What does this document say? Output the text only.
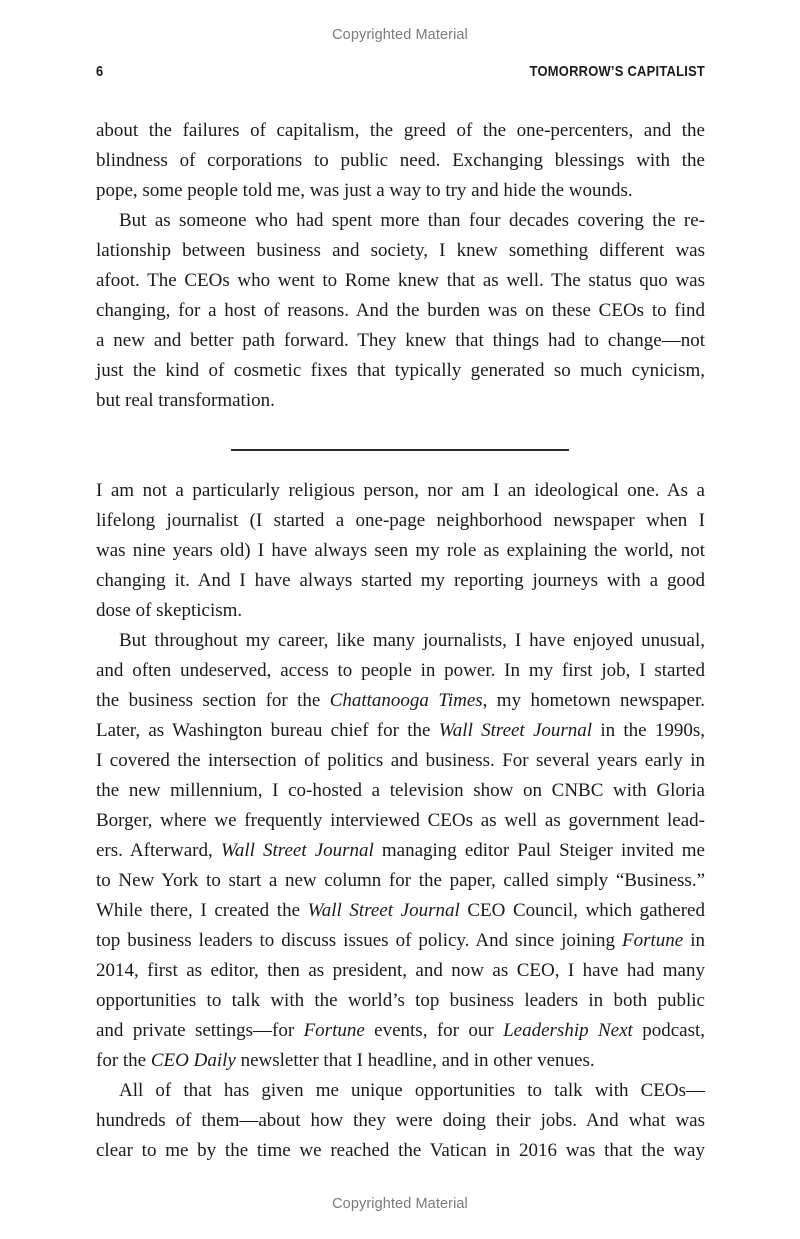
Copyrighted Material
6	TOMORROW’S CAPITALIST
about the failures of capitalism, the greed of the one-percenters, and the
blindness of corporations to public need. Exchanging blessings with the
pope, some people told me, was just a way to try and hide the wounds.
But as someone who had spent more than four decades covering the re-
lationship between business and society, I knew something different was
afoot. The CEOs who went to Rome knew that as well. The status quo was
changing, for a host of reasons. And the burden was on these CEOs to find
a new and better path forward. They knew that things had to change—not
just the kind of cosmetic fixes that typically generated so much cynicism,
but real transformation.
I am not a particularly religious person, nor am I an ideological one. As a
lifelong journalist (I started a one-page neighborhood newspaper when I
was nine years old) I have always seen my role as explaining the world, not
changing it. And I have always started my reporting journeys with a good
dose of skepticism.
But throughout my career, like many journalists, I have enjoyed unusual,
and often undeserved, access to people in power. In my first job, I started
the business section for the Chattanooga Times, my hometown newspaper.
Later, as Washington bureau chief for the Wall Street Journal in the 1990s,
I covered the intersection of politics and business. For several years early in
the new millennium, I co-hosted a television show on CNBC with Gloria
Borger, where we frequently interviewed CEOs as well as government lead-
ers. Afterward, Wall Street Journal managing editor Paul Steiger invited me
to New York to start a new column for the paper, called simply “Business.”
While there, I created the Wall Street Journal CEO Council, which gathered
top business leaders to discuss issues of policy. And since joining Fortune in
2014, first as editor, then as president, and now as CEO, I have had many
opportunities to talk with the world’s top business leaders in both public
and private settings—for Fortune events, for our Leadership Next podcast,
for the CEO Daily newsletter that I headline, and in other venues.
All of that has given me unique opportunities to talk with CEOs—
hundreds of them—about how they were doing their jobs. And what was
clear to me by the time we reached the Vatican in 2016 was that the way
Copyrighted Material
